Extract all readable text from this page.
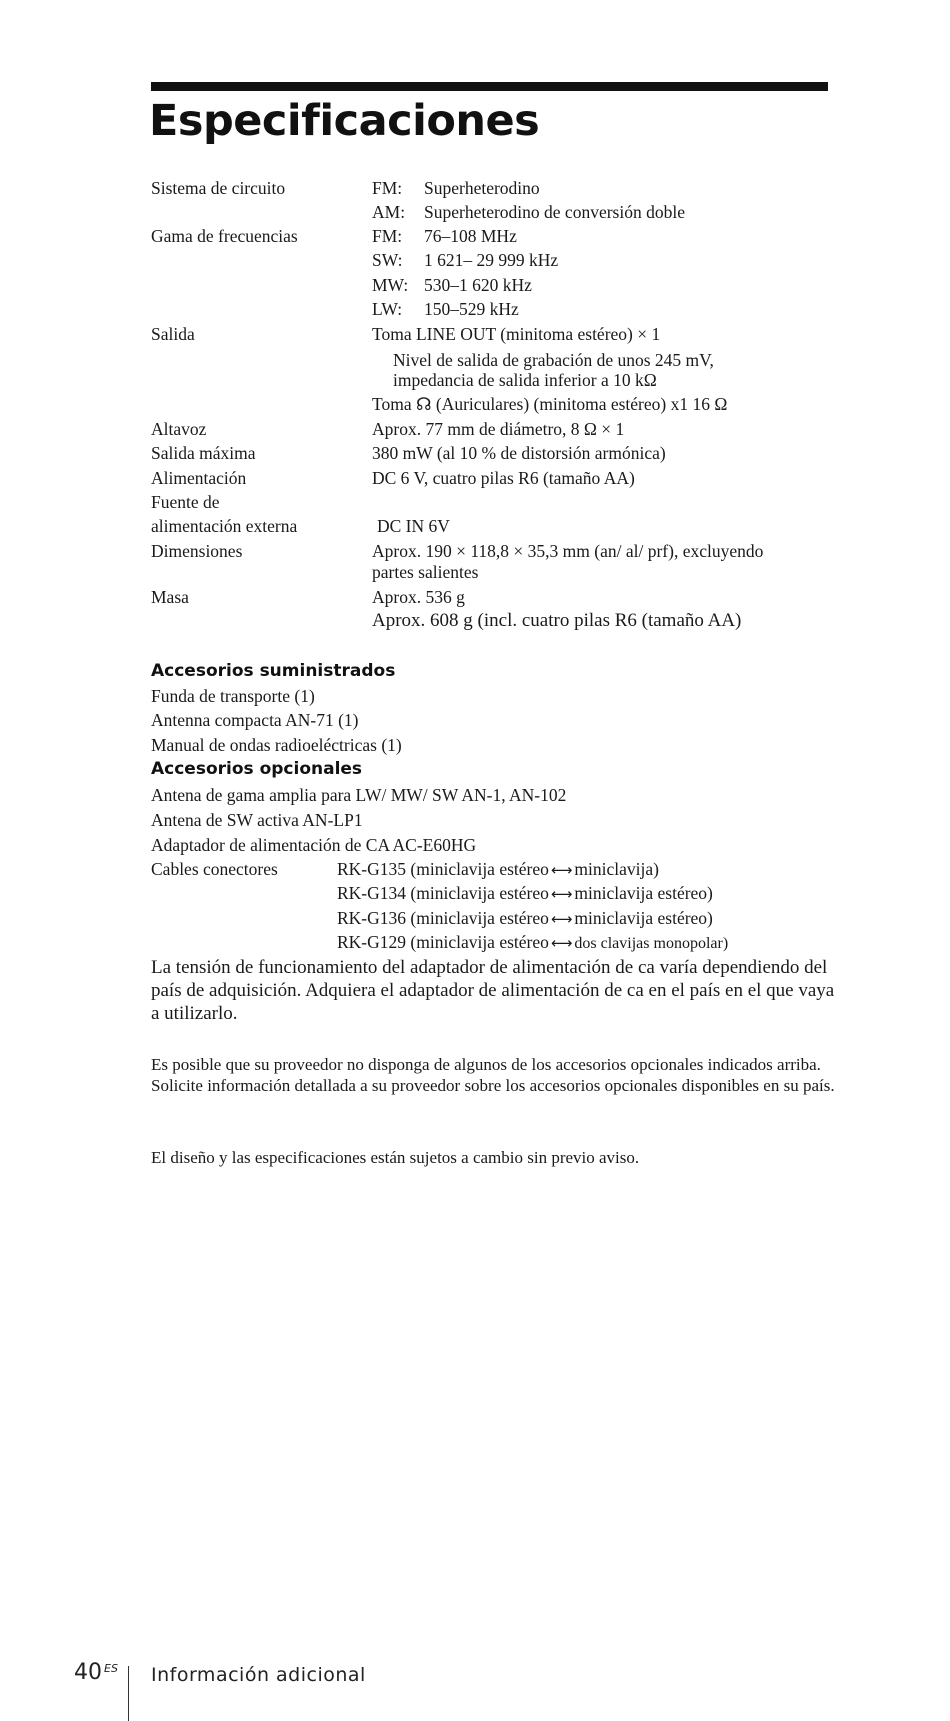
Especificaciones
Sistema de circuito	FM: Superheterodino
AM: Superheterodino de conversión doble
Gama de frecuencias	FM: 76–108 MHz
SW: 1 621– 29 999 kHz
MW: 530–1 620 kHz
LW: 150–529 kHz
Salida	Toma LINE OUT (minitoma estéreo) × 1
Nivel de salida de grabación de unos 245 mV,
impedancia de salida inferior a 10 kΩ
Toma ☊ (Auriculares) (minitoma estéreo) x1 16 Ω
Altavoz	Aprox. 77 mm de diámetro, 8 Ω × 1
Salida máxima	380 mW (al 10 % de distorsión armónica)
Alimentación	DC 6 V, cuatro pilas R6 (tamaño AA)
Fuente de
alimentación externa	DC IN 6V
Dimensiones	Aprox. 190 × 118,8 × 35,3 mm (an/ al/ prf), excluyendo
partes salientes
Masa	Aprox. 536 g
Aprox. 608 g (incl. cuatro pilas R6 (tamaño AA)
Accesorios suministrados
Funda de transporte (1)
Antenna compacta AN-71 (1)
Manual de ondas radioeléctricas (1)
Accesorios opcionales
Antena de gama amplia para LW/ MW/ SW AN-1, AN-102
Antena de SW activa AN-LP1
Adaptador de alimentación de CA AC-E60HG
Cables conectores	RK-G135 (miniclavija estéreo ⟷ miniclavija)
RK-G134 (miniclavija estéreo ⟷ miniclavija estéreo)
RK-G136 (miniclavija estéreo ⟷ miniclavija estéreo)
RK-G129 (miniclavija estéreo ⟷ dos clavijas monopolar)

La tensión de funcionamiento del adaptador de alimentación de ca varía dependiendo del país de adquisición. Adquiera el adaptador de alimentación de ca en el país en el que vaya a utilizarlo.

Es posible que su proveedor no disponga de algunos de los accesorios opcionales indicados arriba. Solicite información detallada a su proveedor sobre los accesorios opcionales disponibles en su país.

El diseño y las especificaciones están sujetos a cambio sin previo aviso.

40 ES Información adicional
